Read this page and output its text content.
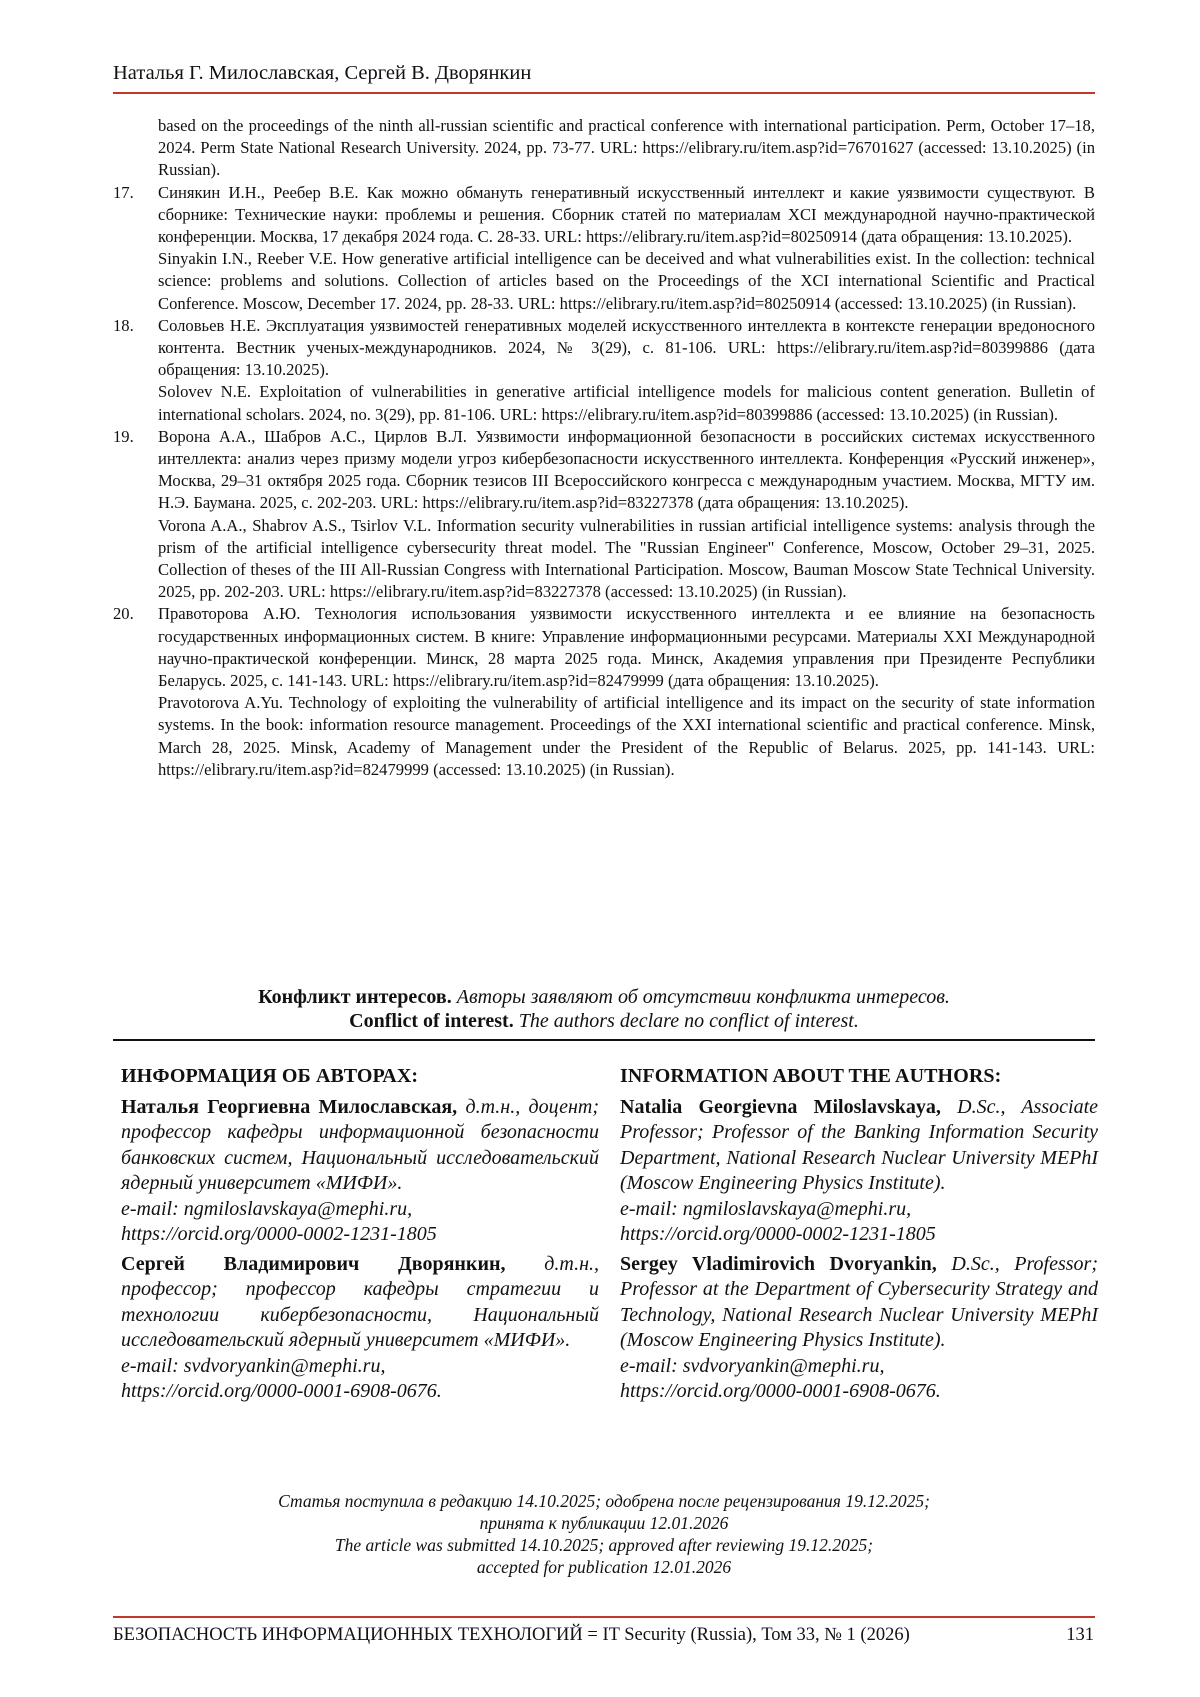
Наталья Г. Милославская, Сергей В. Дворянкин

based on the proceedings of the ninth all-russian scientific and practical conference with international participation. Perm, October 17–18, 2024. Perm State National Research University. 2024, pp. 73-77. URL: https://elibrary.ru/item.asp?id=76701627 (accessed: 13.10.2025) (in Russian).

17. Синякин И.Н., Реебер В.Е. Как можно обмануть генеративный искусственный интеллект и какие уязвимости существуют. В сборнике: Технические науки: проблемы и решения. Сборник статей по материалам XCI международной научно-практической конференции. Москва, 17 декабря 2024 года. С. 28-33. URL: https://elibrary.ru/item.asp?id=80250914 (дата обращения: 13.10.2025).

Sinyakin I.N., Reeber V.E. How generative artificial intelligence can be deceived and what vulnerabilities exist. In the collection: technical science: problems and solutions. Collection of articles based on the Proceedings of the XCI international Scientific and Practical Conference. Moscow, December 17. 2024, pp. 28-33. URL: https://elibrary.ru/item.asp?id=80250914 (accessed: 13.10.2025) (in Russian).

18. Соловьев Н.Е. Эксплуатация уязвимостей генеративных моделей искусственного интеллекта в контексте генерации вредоносного контента. Вестник ученых-международников. 2024, № 3(29), с. 81-106. URL: https://elibrary.ru/item.asp?id=80399886 (дата обращения: 13.10.2025).

Solovev N.E. Exploitation of vulnerabilities in generative artificial intelligence models for malicious content generation. Bulletin of international scholars. 2024, no. 3(29), pp. 81-106. URL: https://elibrary.ru/item.asp?id=80399886 (accessed: 13.10.2025) (in Russian).

19. Ворона А.А., Шабров А.С., Цирлов В.Л. Уязвимости информационной безопасности в российских системах искусственного интеллекта: анализ через призму модели угроз кибербезопасности искусственного интеллекта. Конференция «Русский инженер», Москва, 29–31 октября 2025 года. Сборник тезисов III Всероссийского конгресса с международным участием. Москва, МГТУ им. Н.Э. Баумана. 2025, с. 202-203. URL: https://elibrary.ru/item.asp?id=83227378 (дата обращения: 13.10.2025).

Vorona A.A., Shabrov A.S., Tsirlov V.L. Information security vulnerabilities in russian artificial intelligence systems: analysis through the prism of the artificial intelligence cybersecurity threat model. The "Russian Engineer" Conference, Moscow, October 29–31, 2025. Collection of theses of the III All-Russian Congress with International Participation. Moscow, Bauman Moscow State Technical University. 2025, pp. 202-203. URL: https://elibrary.ru/item.asp?id=83227378 (accessed: 13.10.2025) (in Russian).

20. Правоторова А.Ю. Технология использования уязвимости искусственного интеллекта и ее влияние на безопасность государственных информационных систем. В книге: Управление информационными ресурсами. Материалы XXI Международной научно-практической конференции. Минск, 28 марта 2025 года. Минск, Академия управления при Президенте Республики Беларусь. 2025, с. 141-143. URL: https://elibrary.ru/item.asp?id=82479999 (дата обращения: 13.10.2025).

Pravotorova A.Yu. Technology of exploiting the vulnerability of artificial intelligence and its impact on the security of state information systems. In the book: information resource management. Proceedings of the XXI international scientific and practical conference. Minsk, March 28, 2025. Minsk, Academy of Management under the President of the Republic of Belarus. 2025, pp. 141-143. URL: https://elibrary.ru/item.asp?id=82479999 (accessed: 13.10.2025) (in Russian).

Конфликт интересов. Авторы заявляют об отсутствии конфликта интересов.
Conflict of interest. The authors declare no conflict of interest.
ИНФОРМАЦИЯ ОБ АВТОРАХ:
Наталья Георгиевна Милославская, д.т.н., доцент; профессор кафедры информационной безопасности банковских систем, Национальный исследовательский ядерный университет «МИФИ».
e-mail: ngmiloslavskaya@mephi.ru,
https://orcid.org/0000-0002-1231-1805
Сергей Владимирович Дворянкин, д.т.н., профессор; профессор кафедры стратегии и технологии кибербезопасности, Национальный исследовательский ядерный университет «МИФИ».
e-mail: svdvoryankin@mephi.ru,
https://orcid.org/0000-0001-6908-0676.
INFORMATION ABOUT THE AUTHORS:
Natalia Georgievna Miloslavskaya, D.Sc., Associate Professor; Professor of the Banking Information Security Department, National Research Nuclear University MEPhI (Moscow Engineering Physics Institute).
e-mail: ngmiloslavskaya@mephi.ru,
https://orcid.org/0000-0002-1231-1805
Sergey Vladimirovich Dvoryankin, D.Sc., Professor; Professor at the Department of Cybersecurity Strategy and Technology, National Research Nuclear University MEPhI (Moscow Engineering Physics Institute).
e-mail: svdvoryankin@mephi.ru,
https://orcid.org/0000-0001-6908-0676.
Статья поступила в редакцию 14.10.2025; одобрена после рецензирования 19.12.2025;
принята к публикации 12.01.2026
The article was submitted 14.10.2025; approved after reviewing 19.12.2025;
accepted for publication 12.01.2026
БЕЗОПАСНОСТЬ ИНФОРМАЦИОННЫХ ТЕХНОЛОГИЙ = IT Security (Russia), Том 33, № 1 (2026)	131
